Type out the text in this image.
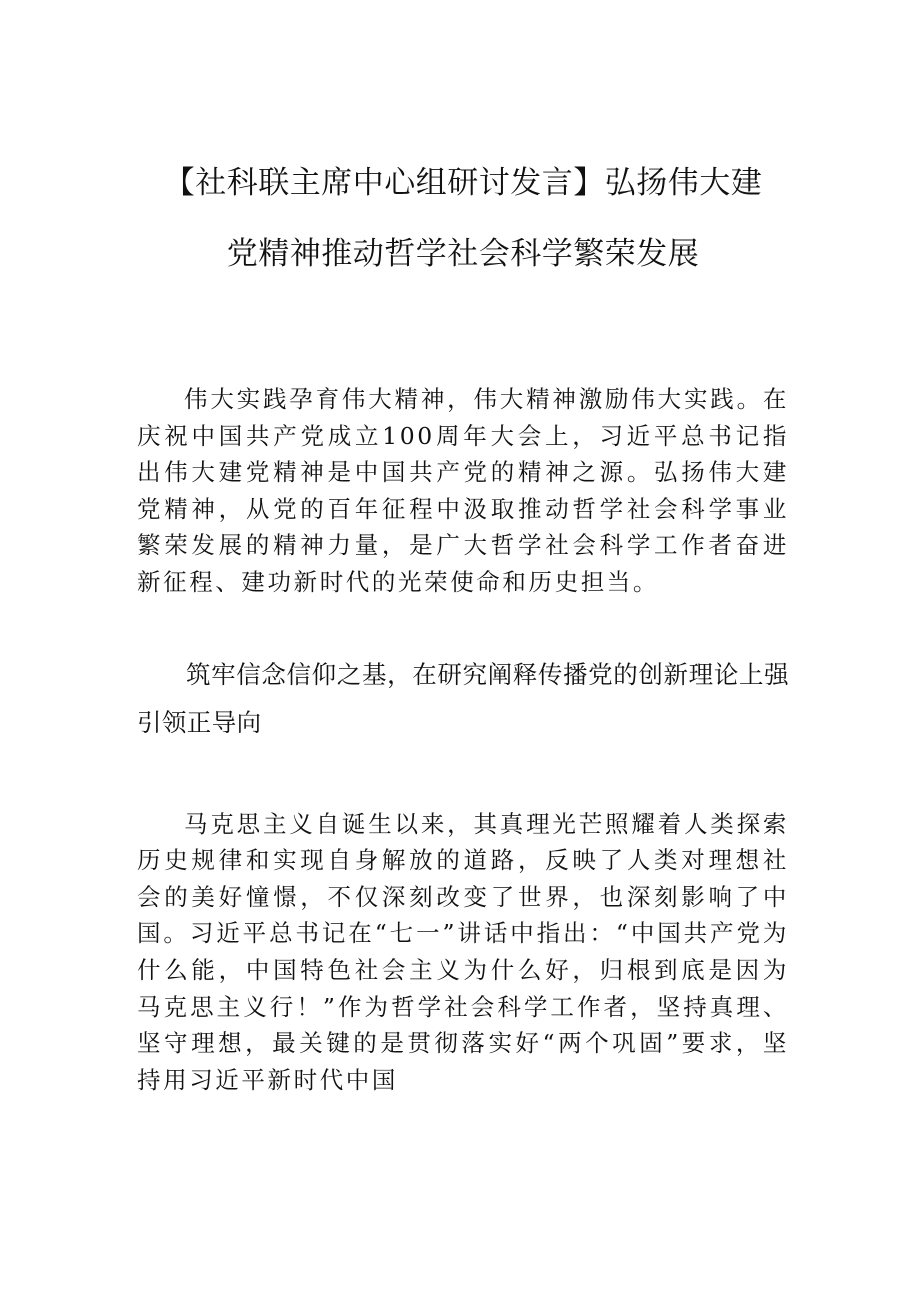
【社科联主席中心组研讨发言】弘扬伟大建
党精神推动哲学社会科学繁荣发展

伟大实践孕育伟大精神，伟大精神激励伟大实践。在庆祝中国共产党成立100周年大会上，习近平总书记指出伟大建党精神是中国共产党的精神之源。弘扬伟大建党精神，从党的百年征程中汲取推动哲学社会科学事业繁荣发展的精神力量，是广大哲学社会科学工作者奋进新征程、建功新时代的光荣使命和历史担当。

筑牢信念信仰之基，在研究阐释传播党的创新理论上强引领正导向

马克思主义自诞生以来，其真理光芒照耀着人类探索历史规律和实现自身解放的道路，反映了人类对理想社会的美好憧憬，不仅深刻改变了世界，也深刻影响了中国。习近平总书记在“七一”讲话中指出：“中国共产党为什么能，中国特色社会主义为什么好，归根到底是因为马克思主义行！”作为哲学社会科学工作者，坚持真理、坚守理想，最关键的是贯彻落实好“两个巩固”要求，坚持用习近平新时代中国
